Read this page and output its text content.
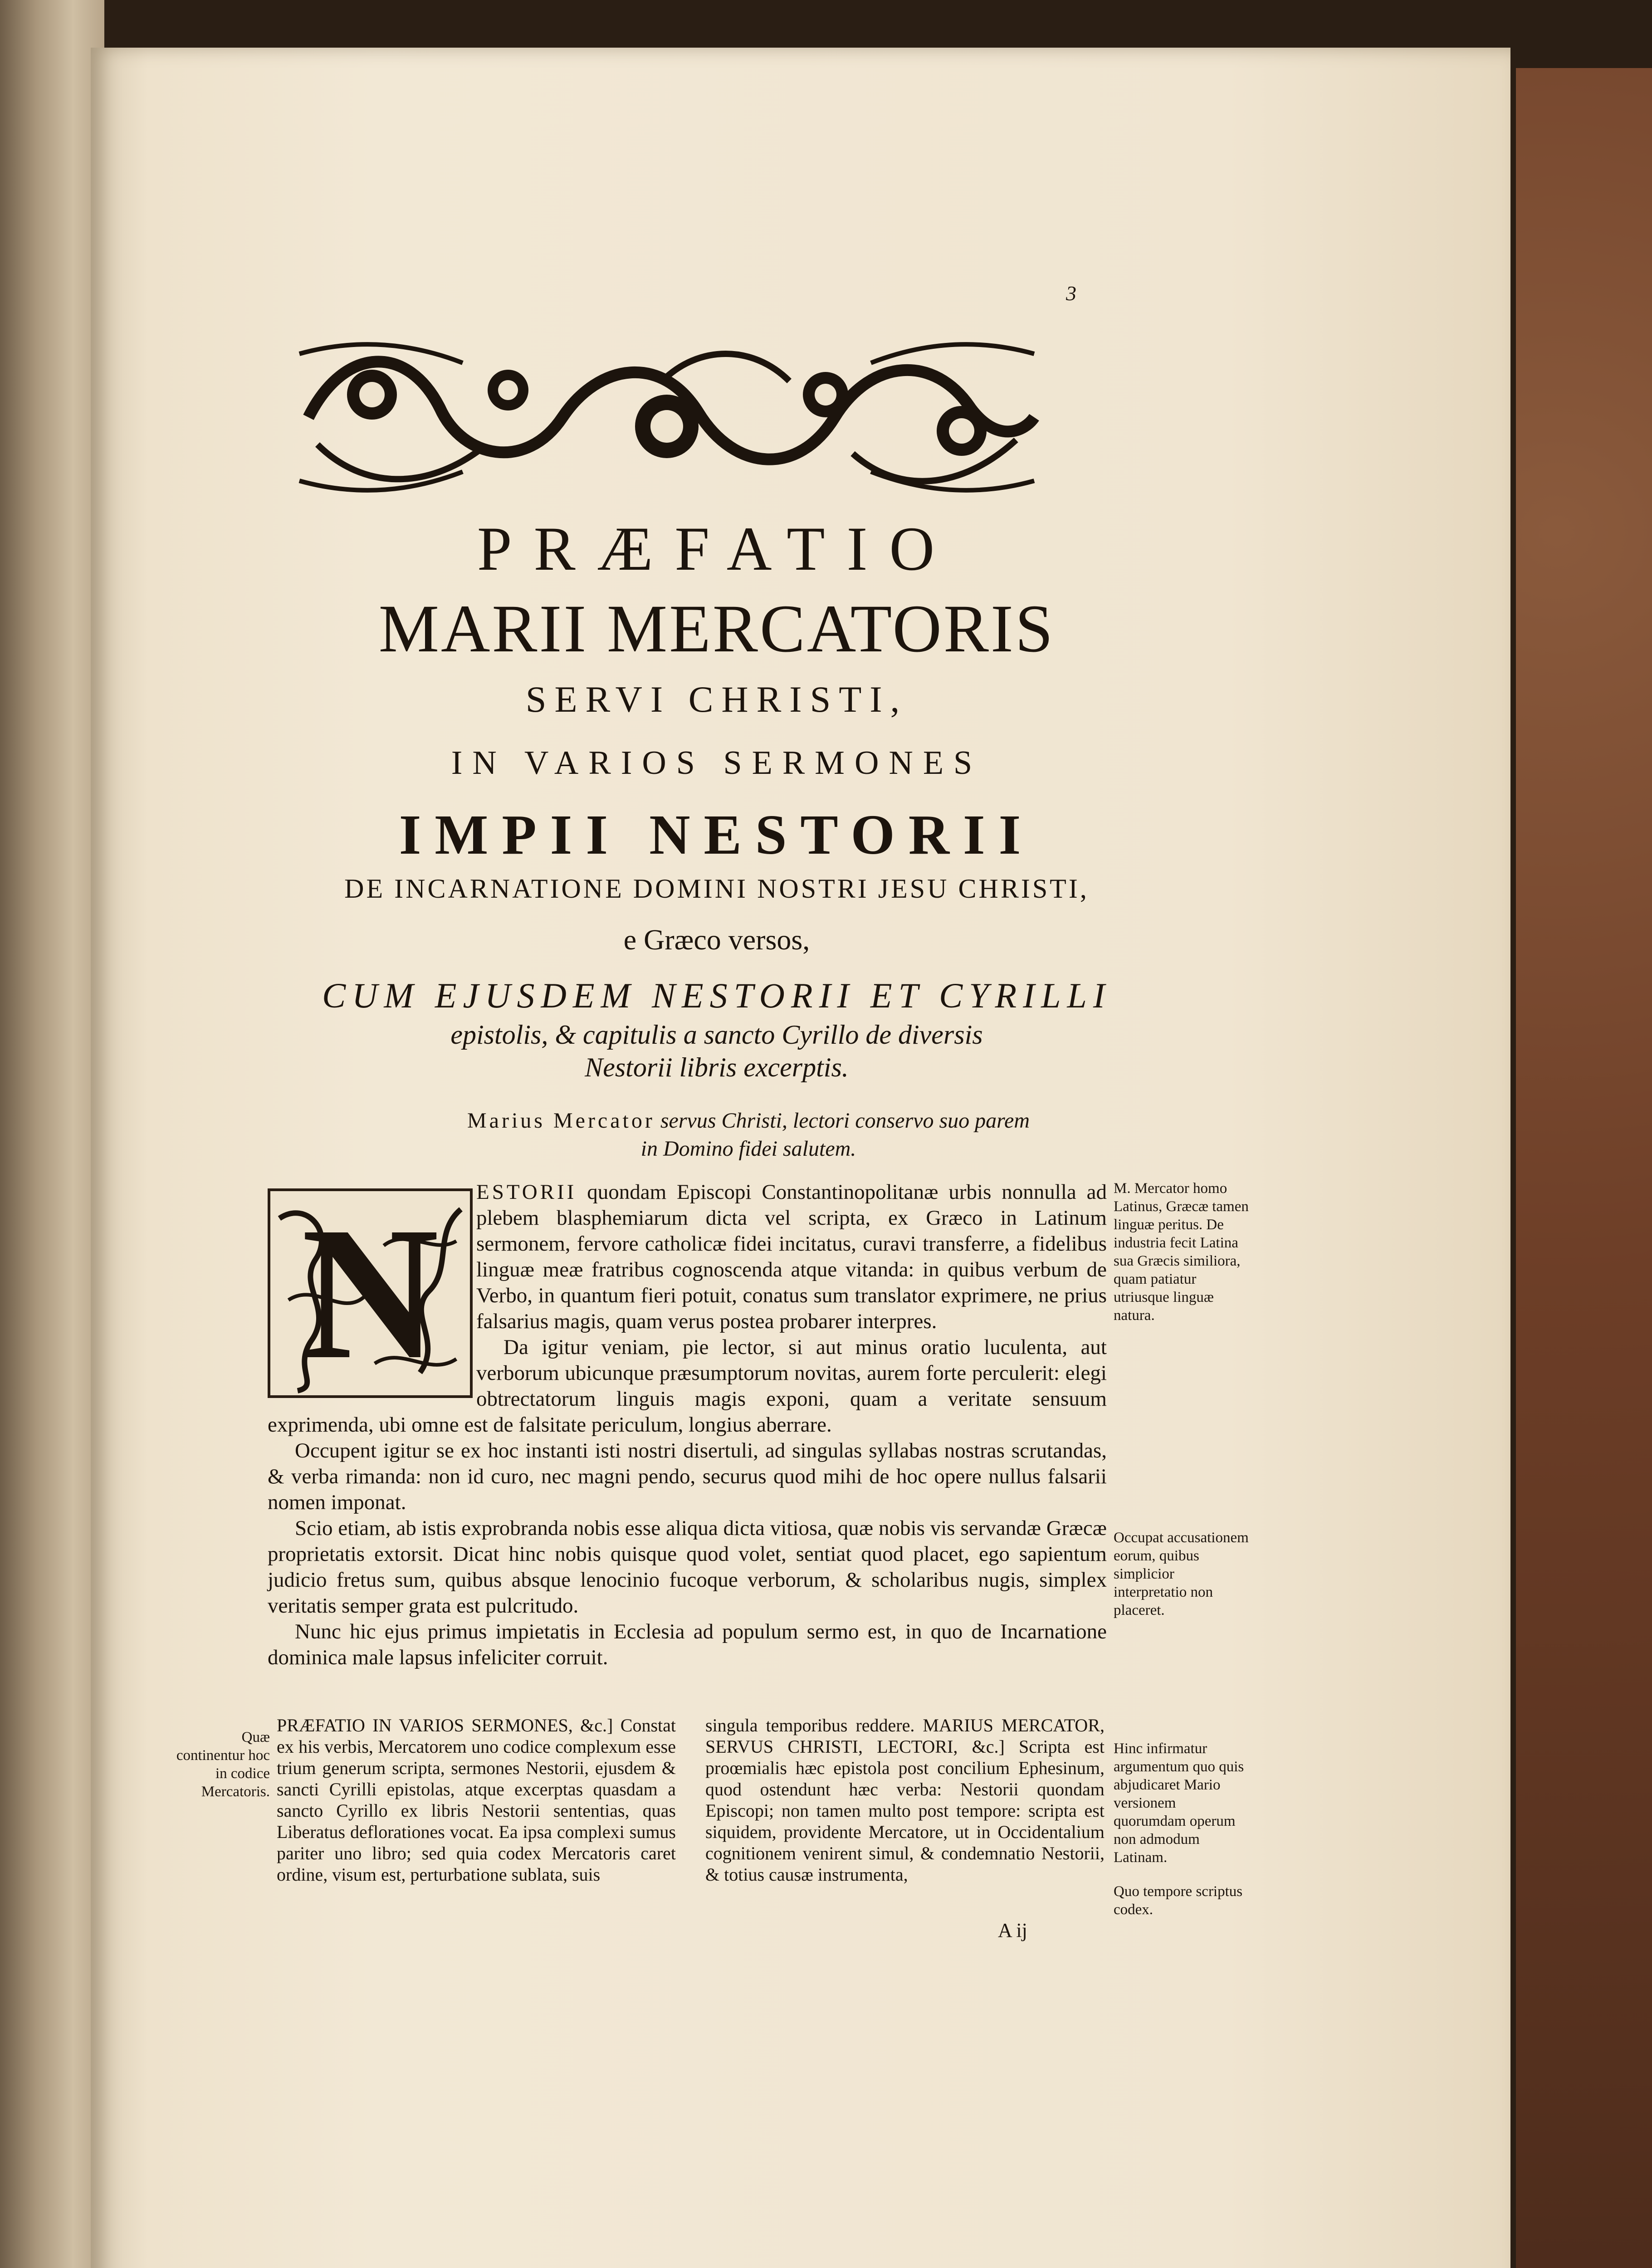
3
PRÆFATIO
MARII MERCATORIS
SERVI CHRISTI,
IN VARIOS SERMONES
IMPII NESTORII
DE INCARNATIONE DOMINI NOSTRI JESU CHRISTI,
e Græco versos,
CUM EJUSDEM NESTORII ET CYRILLI
epistolis, & capitulis a sancto Cyrillo de diversis
Nestorii libris excerptis.
Marius Mercator servus Christi, lectori conservo suo parem
in Domino fidei salutem.
N	ESTORII quondam Episcopi Constantinopolitanæ urbis nonnulla ad plebem blasphemiarum dicta vel scripta, ex Græco in Latinum sermonem, fervore catholicæ fidei incitatus, curavi transferre, a fidelibus linguæ meæ fratribus cognoscenda atque vitanda: in quibus verbum de Verbo, in quantum fieri potuit, conatus sum translator exprimere, ne prius falsarius magis, quam verus postea probarer interpres.

Da igitur veniam, pie lector, si aut minus oratio luculenta, aut verborum ubicunque præsumptorum novitas, aurem forte perculerit: elegi obtrectatorum linguis magis exponi, quam a veritate sensuum exprimenda, ubi omne est de falsitate periculum, longius aberrare.

Occupent igitur se ex hoc instanti isti nostri disertuli, ad singulas syllabas nostras scrutandas, & verba rimanda: non id curo, nec magni pendo, securus quod mihi de hoc opere nullus falsarii nomen imponat.

Scio etiam, ab istis exprobranda nobis esse aliqua dicta vitiosa, quæ nobis vis servandæ Græcæ proprietatis extorsit. Dicat hinc nobis quisque quod volet, sentiat quod placet, ego sapientum judicio fretus sum, quibus absque lenocinio fucoque verborum, & scholaribus nugis, simplex veritatis semper grata est pulcritudo.

Nunc hic ejus primus impietatis in Ecclesia ad populum sermo est, in quo de Incarnatione dominica male lapsus infeliciter corruit.

M. Mercator homo Latinus, Græcæ tamen linguæ peritus. De industria fecit Latina sua Græcis similiora, quam patiatur utriusque linguæ natura.
Occupat accusationem eorum, quibus simplicior interpretatio non placeret.
Hinc infirmatur argumentum quo quis abjudicaret Mario versionem quorumdam operum non admodum Latinam.
Quæ continentur hoc in codice Mercatoris.

PRÆFATIO IN VARIOS SERMONES, &c.] Constat ex his verbis, Mercatorem uno codice complexum esse trium generum scripta, sermones Nestorii, ejusdem & sancti Cyrilli epistolas, atque excerptas quasdam a sancto Cyrillo ex libris Nestorii sententias, quas Liberatus deflorationes vocat. Ea ipsa complexi sumus pariter uno libro; sed quia codex Mercatoris caret ordine, visum est, perturbatione sublata, suis

singula temporibus reddere. MARIUS MERCATOR, SERVUS CHRISTI, LECTORI, &c.] Scripta est proœmialis hæc epistola post concilium Ephesinum, quod ostendunt hæc verba: Nestorii quondam Episcopi; non tamen multo post tempore: scripta est siquidem, providente Mercatore, ut in Occidentalium cognitionem venirent simul, & condemnatio Nestorii, & totius causæ instrumenta,

Quo tempore scriptus codex.
A ij
